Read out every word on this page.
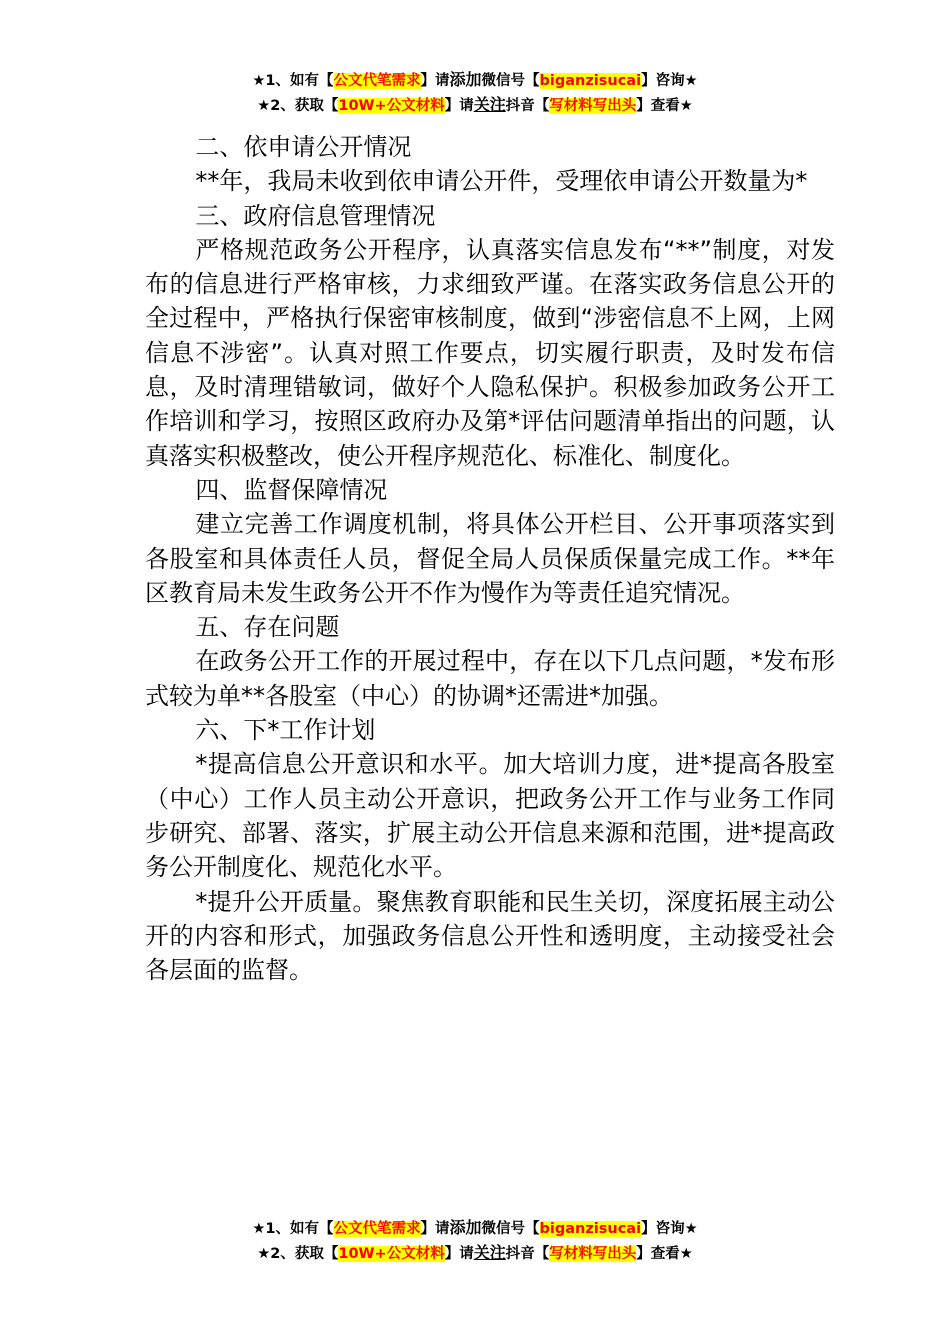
★1、如有【公文代笔需求】请添加微信号【biganzisucai】咨询★
★2、获取【10W+公文材料】请关注抖音【写材料写出头】查看★

二、依申请公开情况

**年，我局未收到依申请公开件，受理依申请公开数量为*

三、政府信息管理情况

严格规范政务公开程序，认真落实信息发布“**”制度，对发布的信息进行严格审核，力求细致严谨。在落实政务信息公开的全过程中，严格执行保密审核制度，做到“涉密信息不上网，上网信息不涉密”。认真对照工作要点，切实履行职责，及时发布信息，及时清理错敏词，做好个人隐私保护。积极参加政务公开工作培训和学习，按照区政府办及第*评估问题清单指出的问题，认真落实积极整改，使公开程序规范化、标准化、制度化。

四、监督保障情况

建立完善工作调度机制，将具体公开栏目、公开事项落实到各股室和具体责任人员，督促全局人员保质保量完成工作。**年区教育局未发生政务公开不作为慢作为等责任追究情况。

五、存在问题

在政务公开工作的开展过程中，存在以下几点问题，*发布形式较为单**各股室（中心）的协调*还需进*加强。

六、下*工作计划

*提高信息公开意识和水平。加大培训力度，进*提高各股室（中心）工作人员主动公开意识，把政务公开工作与业务工作同步研究、部署、落实，扩展主动公开信息来源和范围，进*提高政务公开制度化、规范化水平。

*提升公开质量。聚焦教育职能和民生关切，深度拓展主动公开的内容和形式，加强政务信息公开性和透明度，主动接受社会各层面的监督。

★1、如有【公文代笔需求】请添加微信号【biganzisucai】咨询★
★2、获取【10W+公文材料】请关注抖音【写材料写出头】查看★
